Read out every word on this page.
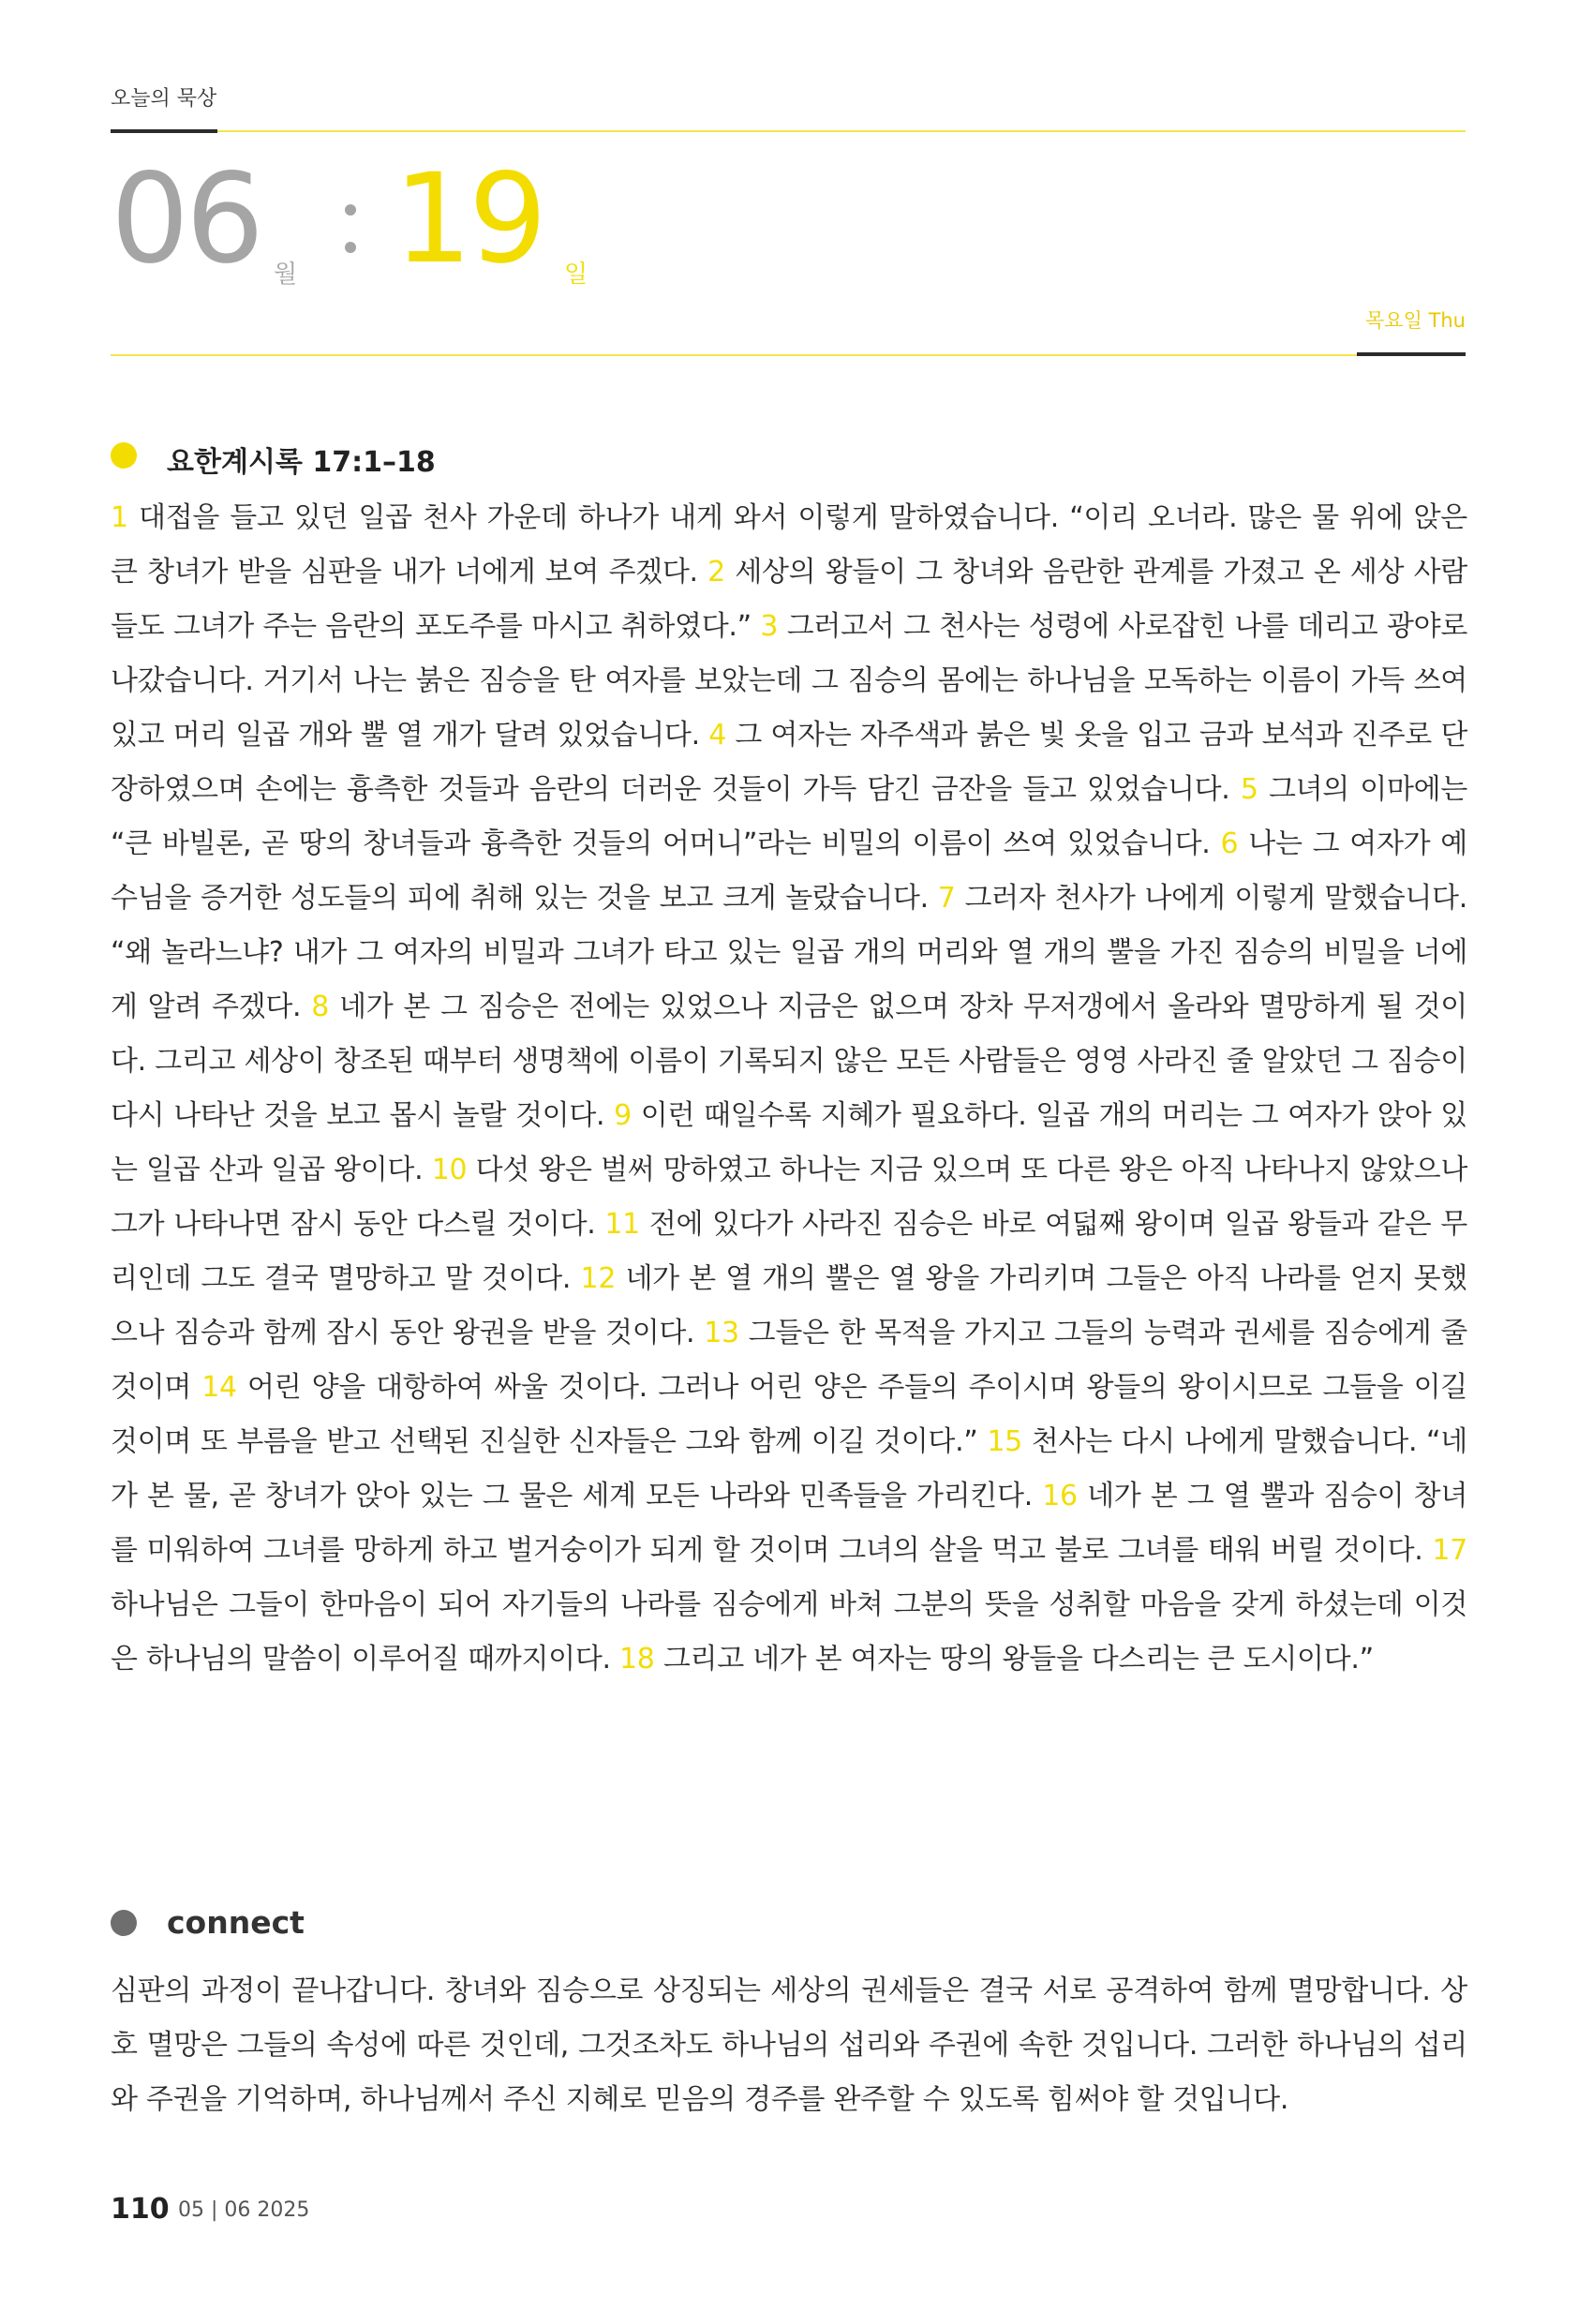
오늘의 묵상
06 월 19 일
목요일 Thu
요한계시록 17:1–18
1 대접을 들고 있던 일곱 천사 가운데 하나가 내게 와서 이렇게 말하였습니다. “이리 오너라. 많은 물 위에 앉은 큰 창녀가 받을 심판을 내가 너에게 보여 주겠다. 2 세상의 왕들이 그 창녀와 음란한 관계를 가졌고 온 세상 사람들도 그녀가 주는 음란의 포도주를 마시고 취하였다.” 3 그러고서 그 천사는 성령에 사로잡힌 나를 데리고 광야로 나갔습니다. 거기서 나는 붉은 짐승을 탄 여자를 보았는데 그 짐승의 몸에는 하나님을 모독하는 이름이 가득 쓰여 있고 머리 일곱 개와 뿔 열 개가 달려 있었습니다. 4 그 여자는 자주색과 붉은 빛 옷을 입고 금과 보석과 진주로 단장하였으며 손에는 흉측한 것들과 음란의 더러운 것들이 가득 담긴 금잔을 들고 있었습니다. 5 그녀의 이마에는 “큰 바빌론, 곧 땅의 창녀들과 흉측한 것들의 어머니”라는 비밀의 이름이 쓰여 있었습니다. 6 나는 그 여자가 예수님을 증거한 성도들의 피에 취해 있는 것을 보고 크게 놀랐습니다. 7 그러자 천사가 나에게 이렇게 말했습니다. “왜 놀라느냐? 내가 그 여자의 비밀과 그녀가 타고 있는 일곱 개의 머리와 열 개의 뿔을 가진 짐승의 비밀을 너에게 알려 주겠다. 8 네가 본 그 짐승은 전에는 있었으나 지금은 없으며 장차 무저갱에서 올라와 멸망하게 될 것이다. 그리고 세상이 창조된 때부터 생명책에 이름이 기록되지 않은 모든 사람들은 영영 사라진 줄 알았던 그 짐승이 다시 나타난 것을 보고 몹시 놀랄 것이다. 9 이런 때일수록 지혜가 필요하다. 일곱 개의 머리는 그 여자가 앉아 있는 일곱 산과 일곱 왕이다. 10 다섯 왕은 벌써 망하였고 하나는 지금 있으며 또 다른 왕은 아직 나타나지 않았으나 그가 나타나면 잠시 동안 다스릴 것이다. 11 전에 있다가 사라진 짐승은 바로 여덟째 왕이며 일곱 왕들과 같은 무리인데 그도 결국 멸망하고 말 것이다. 12 네가 본 열 개의 뿔은 열 왕을 가리키며 그들은 아직 나라를 얻지 못했으나 짐승과 함께 잠시 동안 왕권을 받을 것이다. 13 그들은 한 목적을 가지고 그들의 능력과 권세를 짐승에게 줄 것이며 14 어린 양을 대항하여 싸울 것이다. 그러나 어린 양은 주들의 주이시며 왕들의 왕이시므로 그들을 이길 것이며 또 부름을 받고 선택된 진실한 신자들은 그와 함께 이길 것이다.” 15 천사는 다시 나에게 말했습니다. “네가 본 물, 곧 창녀가 앉아 있는 그 물은 세계 모든 나라와 민족들을 가리킨다. 16 네가 본 그 열 뿔과 짐승이 창녀를 미워하여 그녀를 망하게 하고 벌거숭이가 되게 할 것이며 그녀의 살을 먹고 불로 그녀를 태워 버릴 것이다. 17 하나님은 그들이 한마음이 되어 자기들의 나라를 짐승에게 바쳐 그분의 뜻을 성취할 마음을 갖게 하셨는데 이것은 하나님의 말씀이 이루어질 때까지이다. 18 그리고 네가 본 여자는 땅의 왕들을 다스리는 큰 도시이다.”
connect
심판의 과정이 끝나갑니다. 창녀와 짐승으로 상징되는 세상의 권세들은 결국 서로 공격하여 함께 멸망합니다. 상호 멸망은 그들의 속성에 따른 것인데, 그것조차도 하나님의 섭리와 주권에 속한 것입니다. 그러한 하나님의 섭리와 주권을 기억하며, 하나님께서 주신 지혜로 믿음의 경주를 완주할 수 있도록 힘써야 할 것입니다.
110 05 | 06 2025
